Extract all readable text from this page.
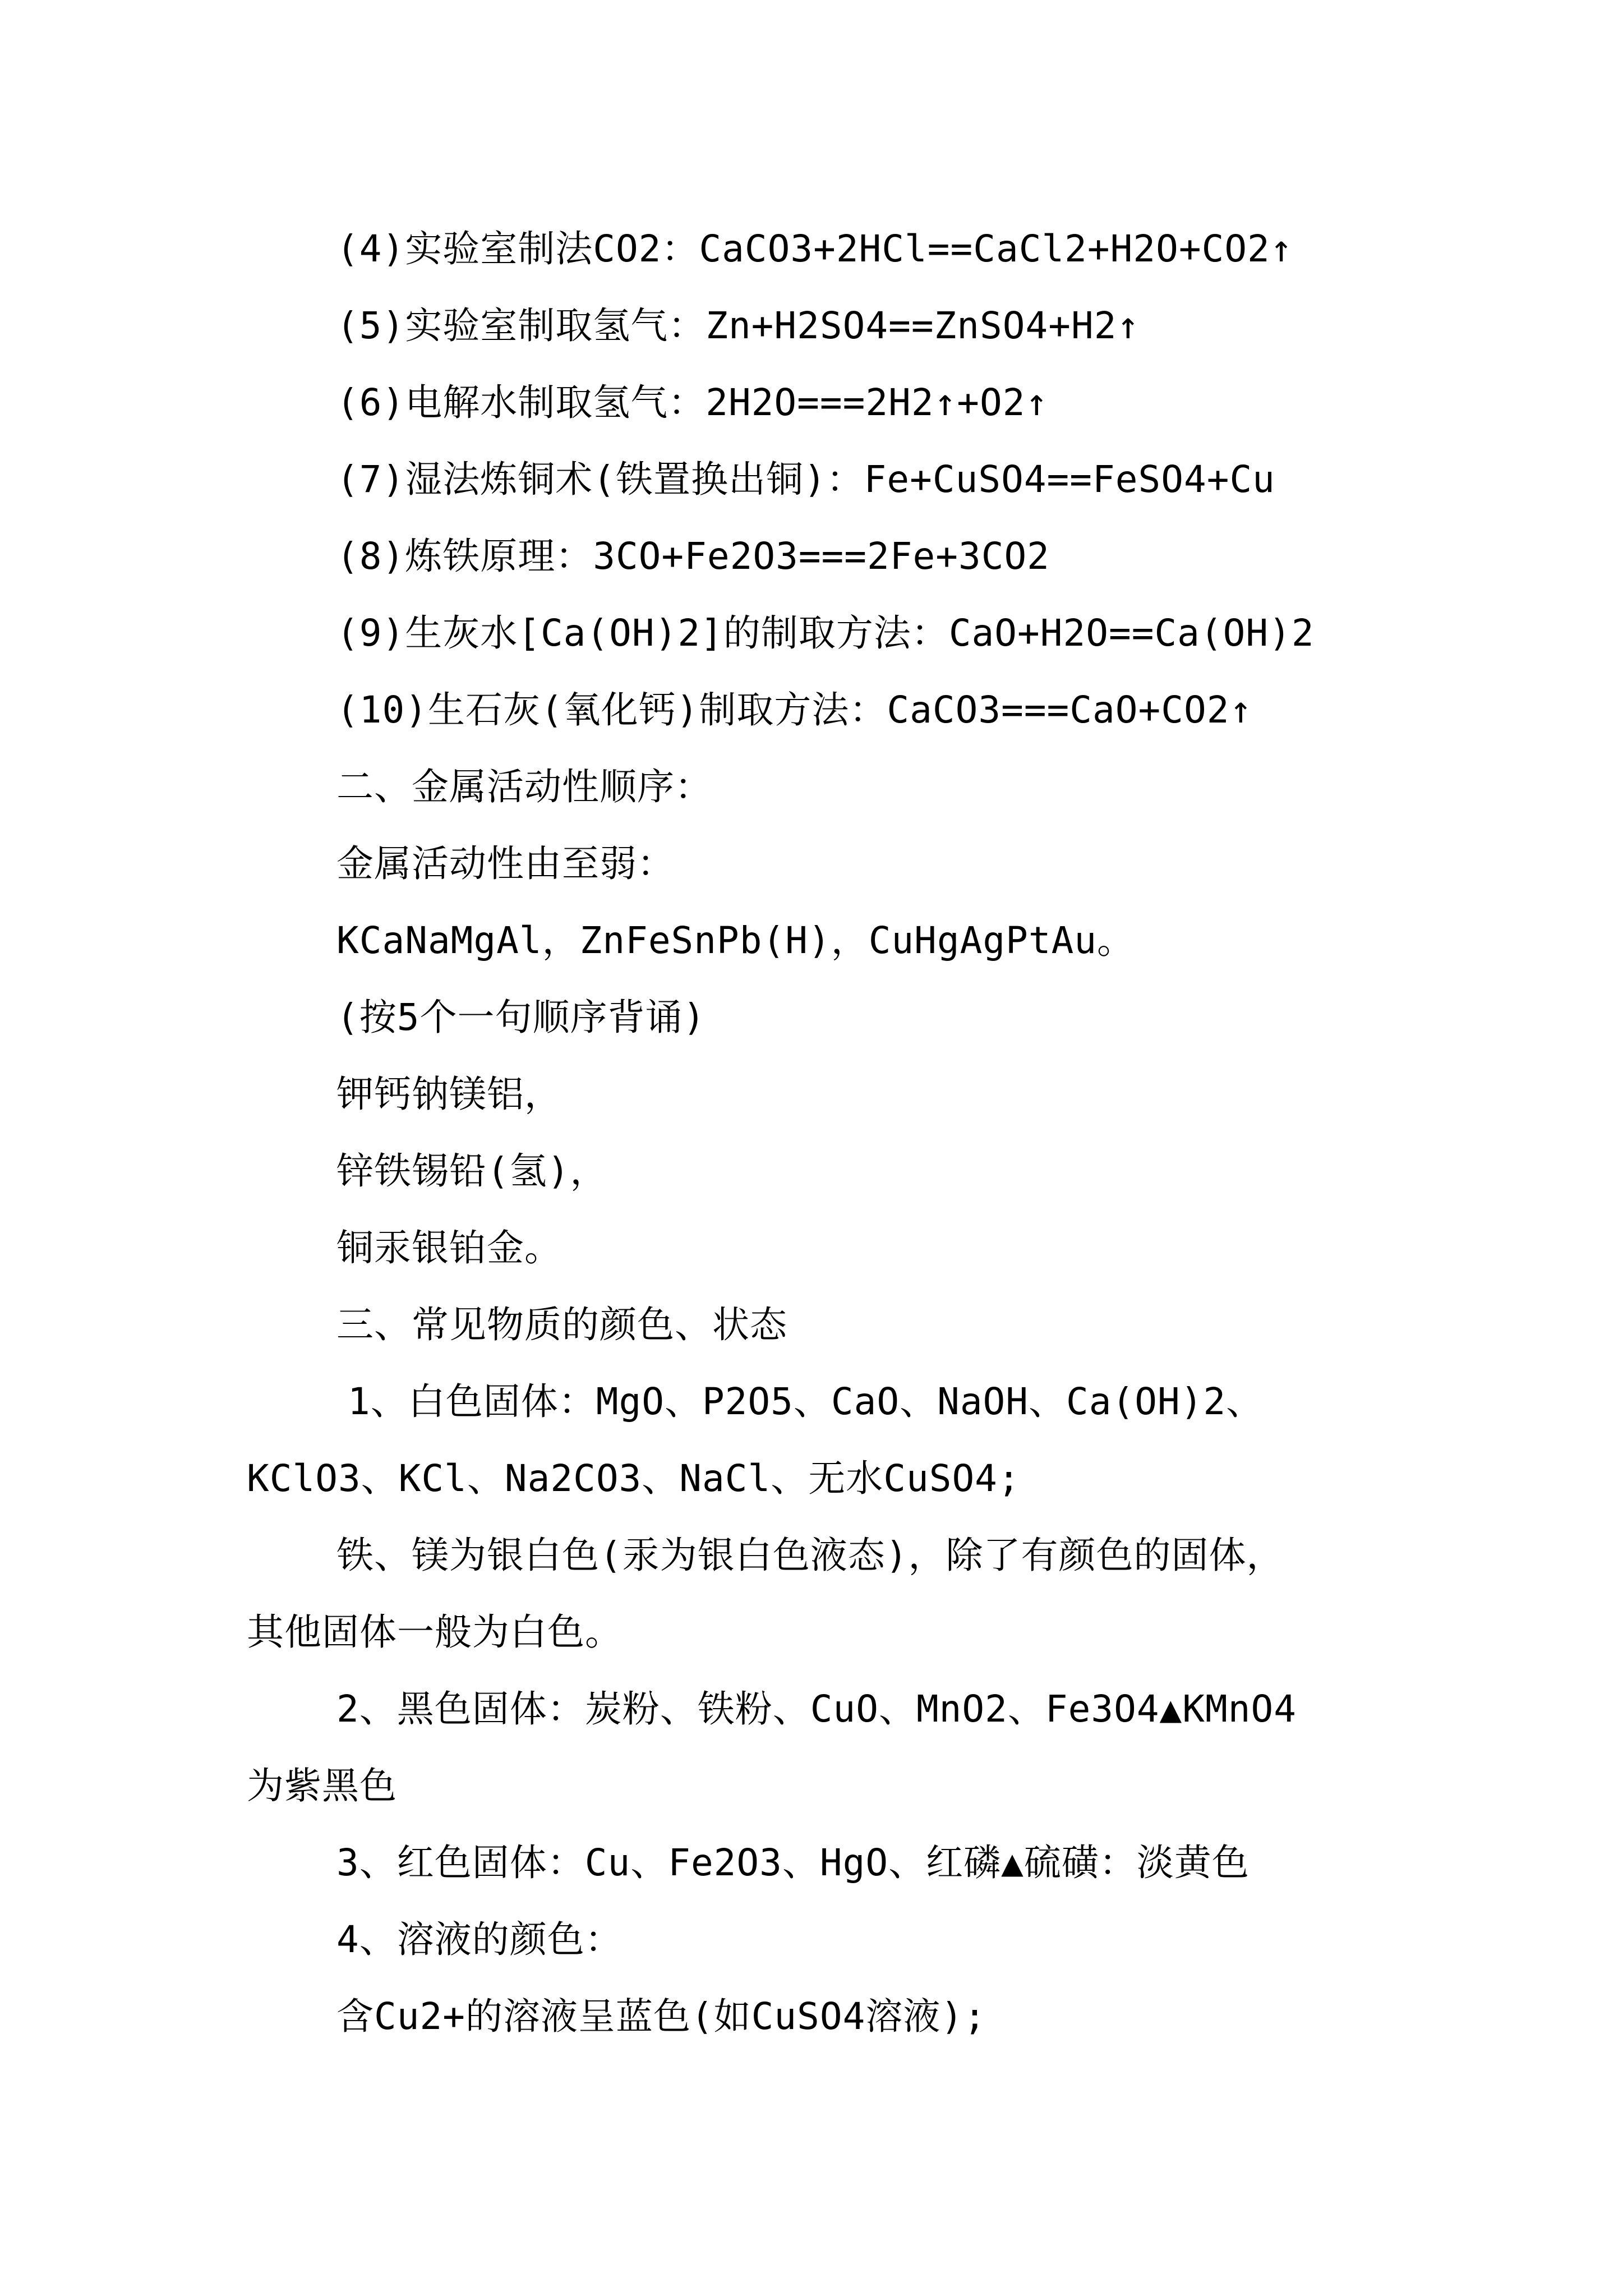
(4)实验室制法CO2：CaCO3+2HCl==CaCl2+H2O+CO2↑
(5)实验室制取氢气：Zn+H2SO4==ZnSO4+H2↑
(6)电解水制取氢气：2H2O===2H2↑+O2↑
(7)湿法炼铜术(铁置换出铜)：Fe+CuSO4==FeSO4+Cu
(8)炼铁原理：3CO+Fe2O3===2Fe+3CO2
(9)生灰水[Ca(OH)2]的制取方法：CaO+H2O==Ca(OH)2
(10)生石灰(氧化钙)制取方法：CaCO3===CaO+CO2↑
二、金属活动性顺序：
金属活动性由至弱：
KCaNaMgAl，ZnFeSnPb(H)，CuHgAgPtAu。
(按5个一句顺序背诵)
钾钙钠镁铝，
锌铁锡铅(氢)，
铜汞银铂金。
三、常见物质的颜色、状态
1、白色固体：MgO、P2O5、CaO、NaOH、Ca(OH)2、
KClO3、KCl、Na2CO3、NaCl、无水CuSO4;
铁、镁为银白色(汞为银白色液态)，除了有颜色的固体，
其他固体一般为白色。
2、黑色固体：炭粉、铁粉、CuO、MnO2、Fe3O4▲KMnO4
为紫黑色
3、红色固体：Cu、Fe2O3、HgO、红磷▲硫磺：淡黄色
4、溶液的颜色：
含Cu2+的溶液呈蓝色(如CuSO4溶液);
